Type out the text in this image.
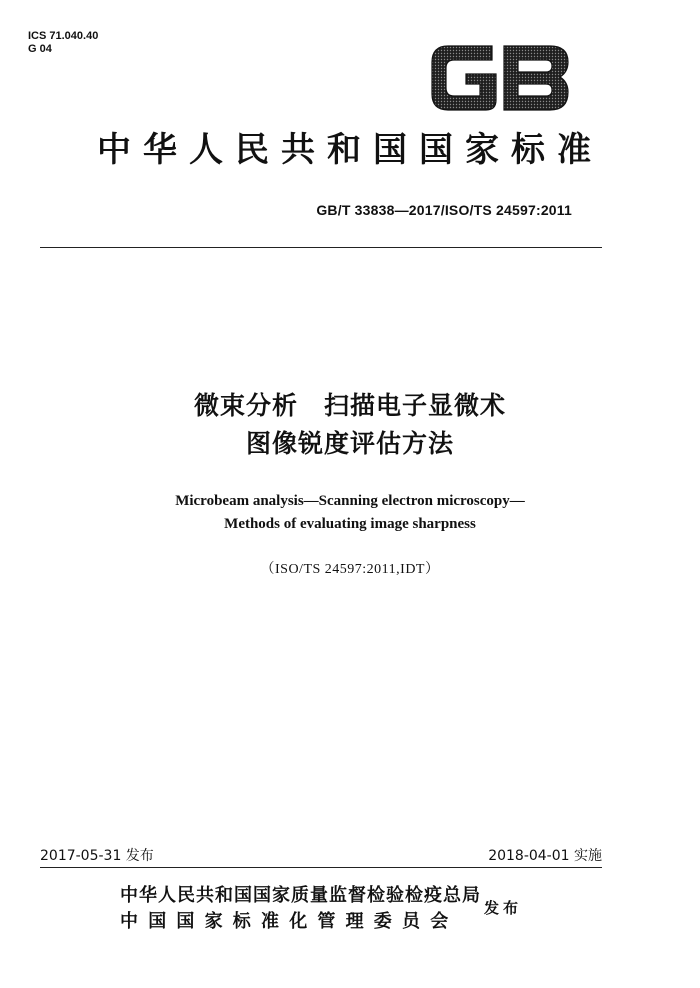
ICS 71.040.40
G 04
中华人民共和国国家标准
GB/T 33838—2017/ISO/TS 24597:2011
微束分析　扫描电子显微术
图像锐度评估方法
Microbeam analysis—Scanning electron microscopy—
Methods of evaluating image sharpness
（ISO/TS 24597:2011,IDT）
2017-05-31 发布	2018-04-01 实施
中华人民共和国国家质量监督检验检疫总局
中国国家标准化管理委员会
发布
